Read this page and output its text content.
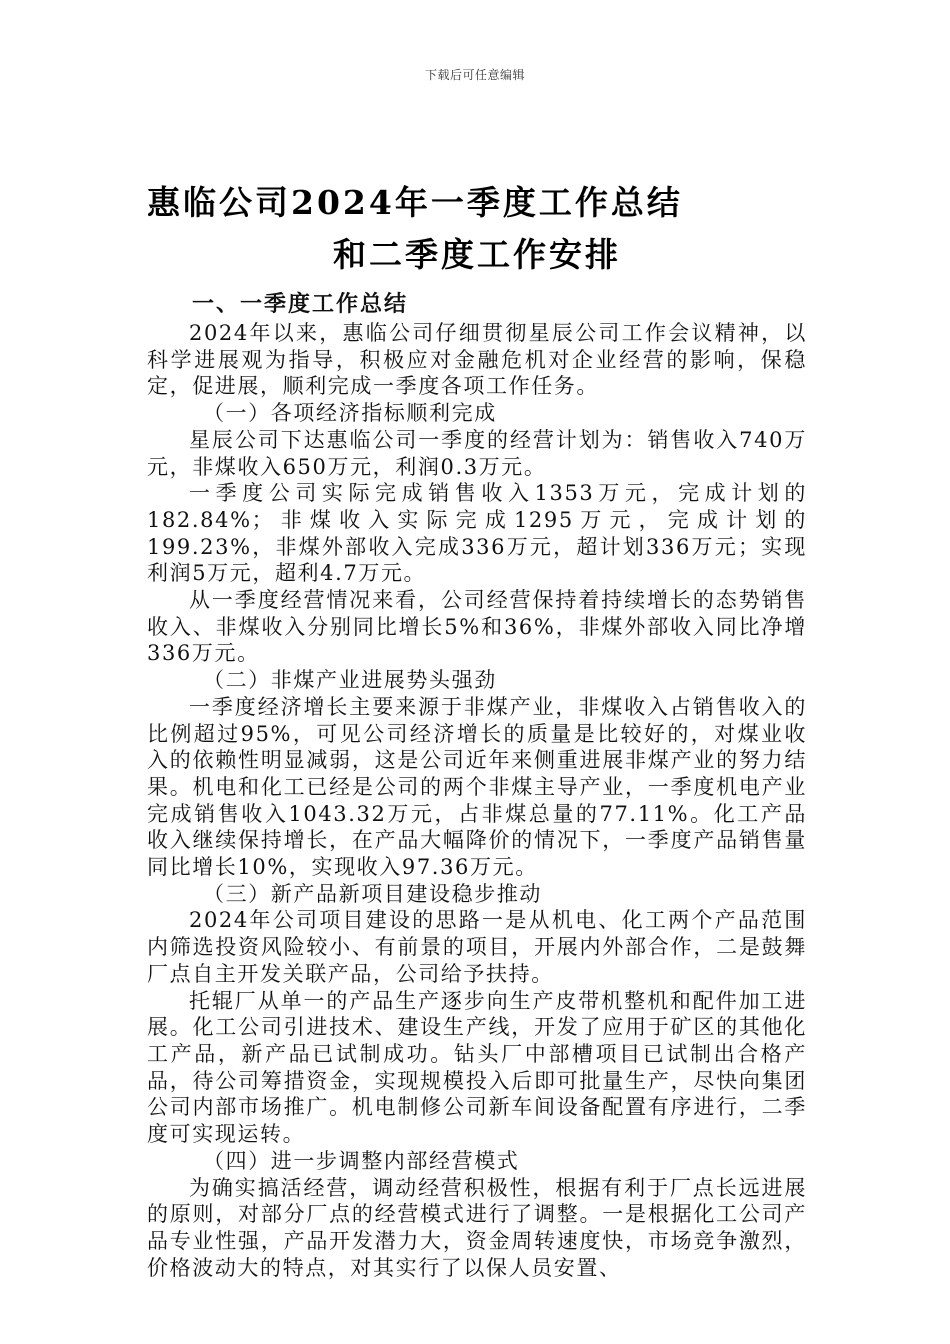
下载后可任意编辑
惠临公司2024年一季度工作总结
和二季度工作安排
一、一季度工作总结

2024年以来，惠临公司仔细贯彻星辰公司工作会议精神，以科学进展观为指导，积极应对金融危机对企业经营的影响，保稳定，促进展，顺利完成一季度各项工作任务。

（一）各项经济指标顺利完成

星辰公司下达惠临公司一季度的经营计划为：销售收入740万元，非煤收入650万元，利润0.3万元。

一季度公司实际完成销售收入1353万元，完成计划的182.84%；非煤收入实际完成1295万元，完成计划的199.23%，非煤外部收入完成336万元，超计划336万元；实现利润5万元，超利4.7万元。

从一季度经营情况来看，公司经营保持着持续增长的态势销售收入、非煤收入分别同比增长5%和36%，非煤外部收入同比净增336万元。

（二）非煤产业进展势头强劲

一季度经济增长主要来源于非煤产业，非煤收入占销售收入的比例超过95%，可见公司经济增长的质量是比较好的，对煤业收入的依赖性明显减弱，这是公司近年来侧重进展非煤产业的努力结果。机电和化工已经是公司的两个非煤主导产业，一季度机电产业完成销售收入1043.32万元，占非煤总量的77.11%。化工产品收入继续保持增长，在产品大幅降价的情况下，一季度产品销售量同比增长10%，实现收入97.36万元。

（三）新产品新项目建设稳步推动

2024年公司项目建设的思路一是从机电、化工两个产品范围内筛选投资风险较小、有前景的项目，开展内外部合作，二是鼓舞厂点自主开发关联产品，公司给予扶持。

托辊厂从单一的产品生产逐步向生产皮带机整机和配件加工进展。化工公司引进技术、建设生产线，开发了应用于矿区的其他化工产品，新产品已试制成功。钻头厂中部槽项目已试制出合格产品，待公司筹措资金，实现规模投入后即可批量生产，尽快向集团公司内部市场推广。机电制修公司新车间设备配置有序进行，二季度可实现运转。

（四）进一步调整内部经营模式

为确实搞活经营，调动经营积极性，根据有利于厂点长远进展的原则，对部分厂点的经营模式进行了调整。一是根据化工公司产品专业性强，产品开发潜力大，资金周转速度快，市场竞争激烈，价格波动大的特点，对其实行了以保人员安置、
